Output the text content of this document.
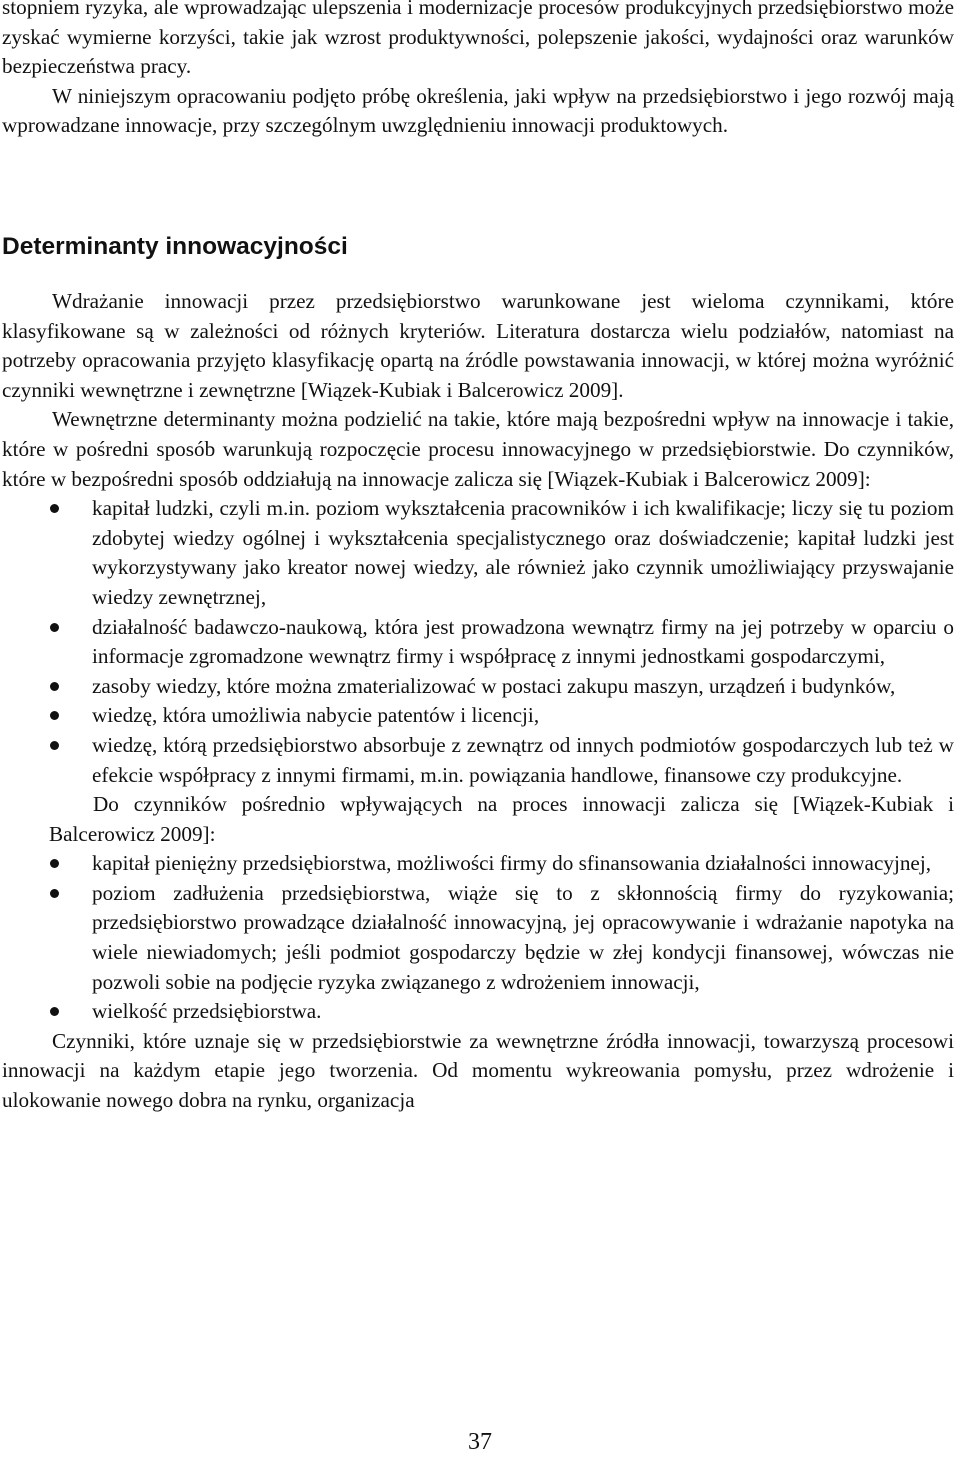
stopniem ryzyka, ale wprowadzając ulepszenia i modernizacje procesów produkcyjnych przedsiębiorstwo może zyskać wymierne korzyści, takie jak wzrost produktywności, polepszenie jakości, wydajności oraz warunków bezpieczeństwa pracy.

W niniejszym opracowaniu podjęto próbę określenia, jaki wpływ na przedsiębiorstwo i jego rozwój mają wprowadzane innowacje, przy szczególnym uwzględnieniu innowacji produktowych.

Determinanty innowacyjności

Wdrażanie innowacji przez przedsiębiorstwo warunkowane jest wieloma czynnikami, które klasyfikowane są w zależności od różnych kryteriów. Literatura dostarcza wielu podziałów, natomiast na potrzeby opracowania przyjęto klasyfikację opartą na źródle powstawania innowacji, w której można wyróżnić czynniki wewnętrzne i zewnętrzne [Wiązek-Kubiak i Balcerowicz 2009].

Wewnętrzne determinanty można podzielić na takie, które mają bezpośredni wpływ na innowacje i takie, które w pośredni sposób warunkują rozpoczęcie procesu innowacyjnego w przedsiębiorstwie. Do czynników, które w bezpośredni sposób oddziałują na innowacje zalicza się [Wiązek-Kubiak i Balcerowicz 2009]:

kapitał ludzki, czyli m.in. poziom wykształcenia pracowników i ich kwalifikacje; liczy się tu poziom zdobytej wiedzy ogólnej i wykształcenia specjalistycznego oraz doświadczenie; kapitał ludzki jest wykorzystywany jako kreator nowej wiedzy, ale również jako czynnik umożliwiający przyswajanie wiedzy zewnętrznej,
działalność badawczo-naukową, która jest prowadzona wewnątrz firmy na jej potrzeby w oparciu o informacje zgromadzone wewnątrz firmy i współpracę z innymi jednostkami gospodarczymi,
zasoby wiedzy, które można zmaterializować w postaci zakupu maszyn, urządzeń i budynków,
wiedzę, która umożliwia nabycie patentów i licencji,
wiedzę, którą przedsiębiorstwo absorbuje z zewnątrz od innych podmiotów gospodarczych lub też w efekcie współpracy z innymi firmami, m.in. powiązania handlowe, finansowe czy produkcyjne.

Do czynników pośrednio wpływających na proces innowacji zalicza się [Wiązek-Kubiak i Balcerowicz 2009]:

kapitał pieniężny przedsiębiorstwa, możliwości firmy do sfinansowania działalności innowacyjnej,
poziom zadłużenia przedsiębiorstwa, wiąże się to z skłonnością firmy do ryzykowania; przedsiębiorstwo prowadzące działalność innowacyjną, jej opracowywanie i wdrażanie napotyka na wiele niewiadomych; jeśli podmiot gospodarczy będzie w złej kondycji finansowej, wówczas nie pozwoli sobie na podjęcie ryzyka związanego z wdrożeniem innowacji,
wielkość przedsiębiorstwa.

Czynniki, które uznaje się w przedsiębiorstwie za wewnętrzne źródła innowacji, towarzyszą procesowi innowacji na każdym etapie jego tworzenia. Od momentu wykreowania pomysłu, przez wdrożenie i ulokowanie nowego dobra na rynku, organizacja

37
